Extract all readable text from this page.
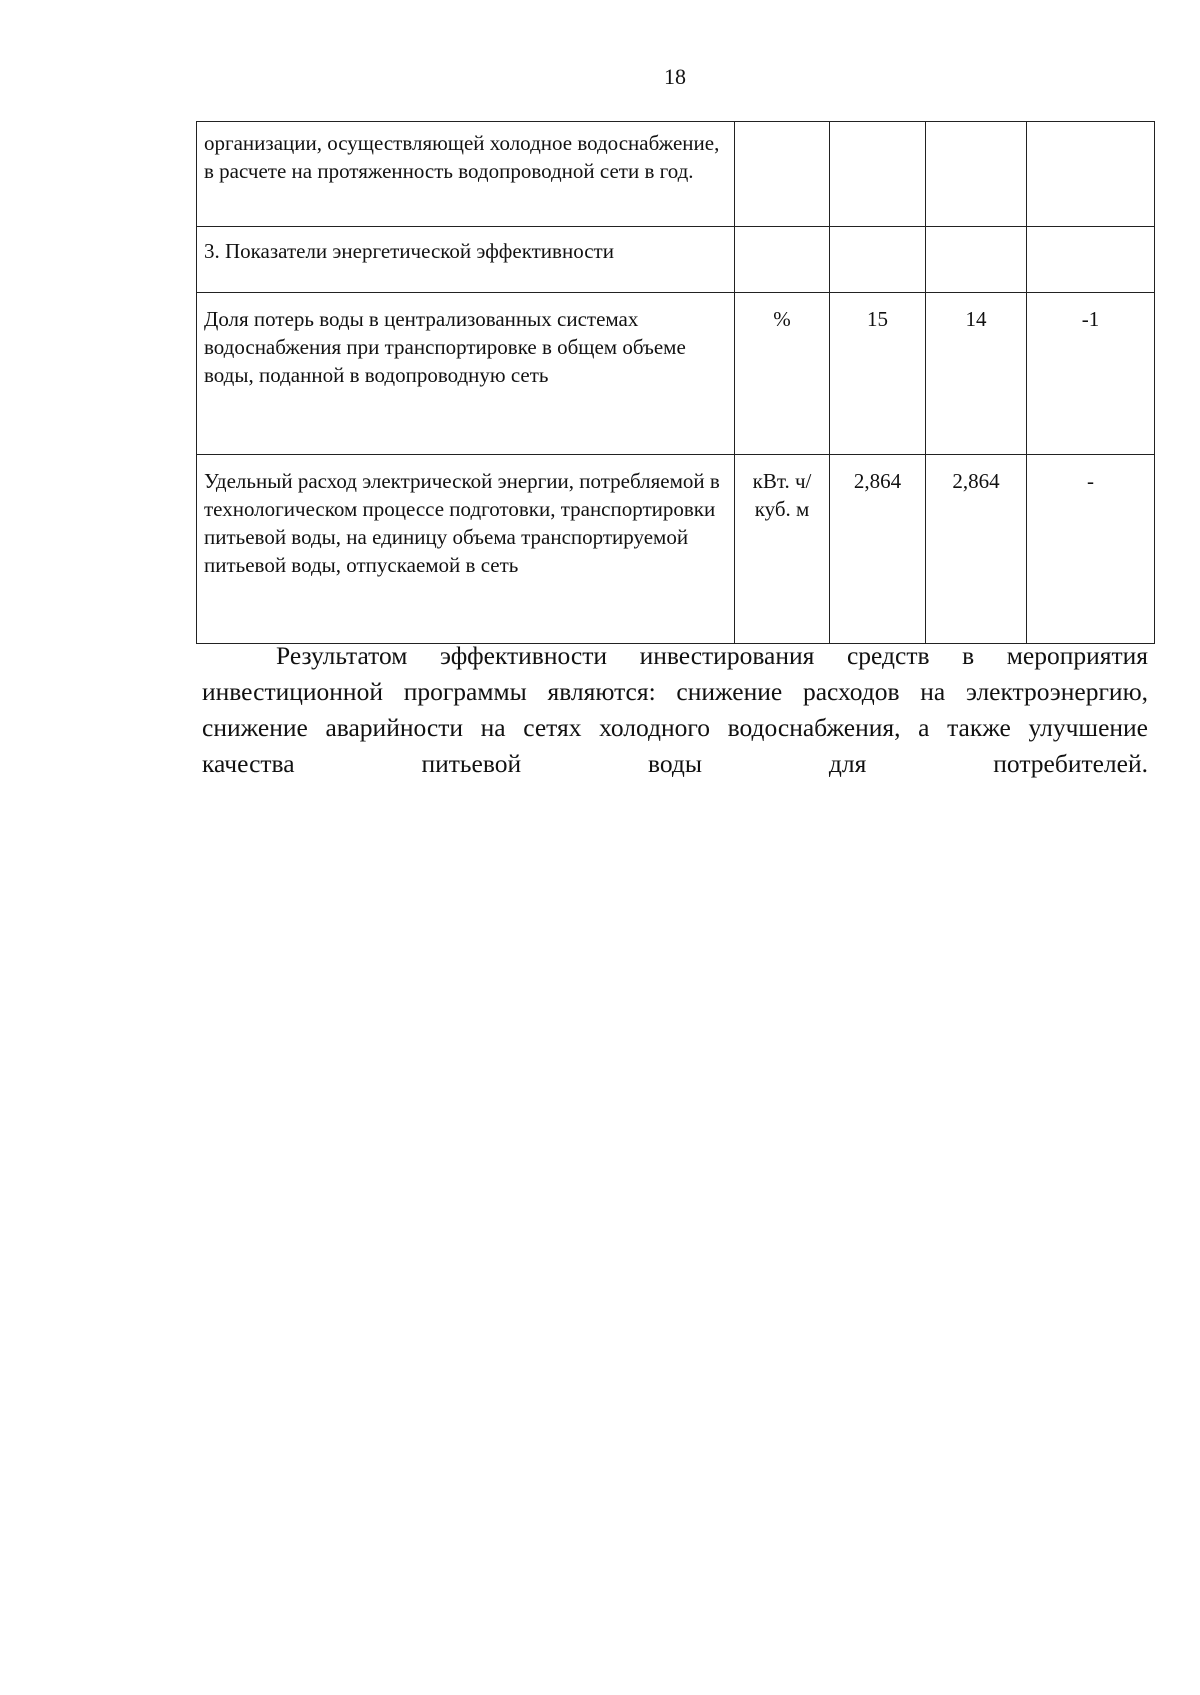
18
организации, осуществляющей холодное водоснабжение, в расчете на протяженность водопроводной сети в год.				
3. Показатели энергетической эффективности				
Доля потерь воды в централизованных системах водоснабжения при транспортировке в общем объеме воды, поданной в водопроводную сеть	%	15	14	-1
Удельный расход электрической энергии, потребляемой в технологическом процессе подготовки, транспортировки питьевой воды, на единицу объема транспортируемой питьевой воды, отпускаемой в сеть	кВт. ч/ куб. м	2,864	2,864	-

Результатом эффективности инвестирования средств в мероприятия инвестиционной программы являются: снижение расходов на электроэнергию, снижение аварийности на сетях холодного водоснабжения, а также улучшение качества питьевой воды для потребителей.
